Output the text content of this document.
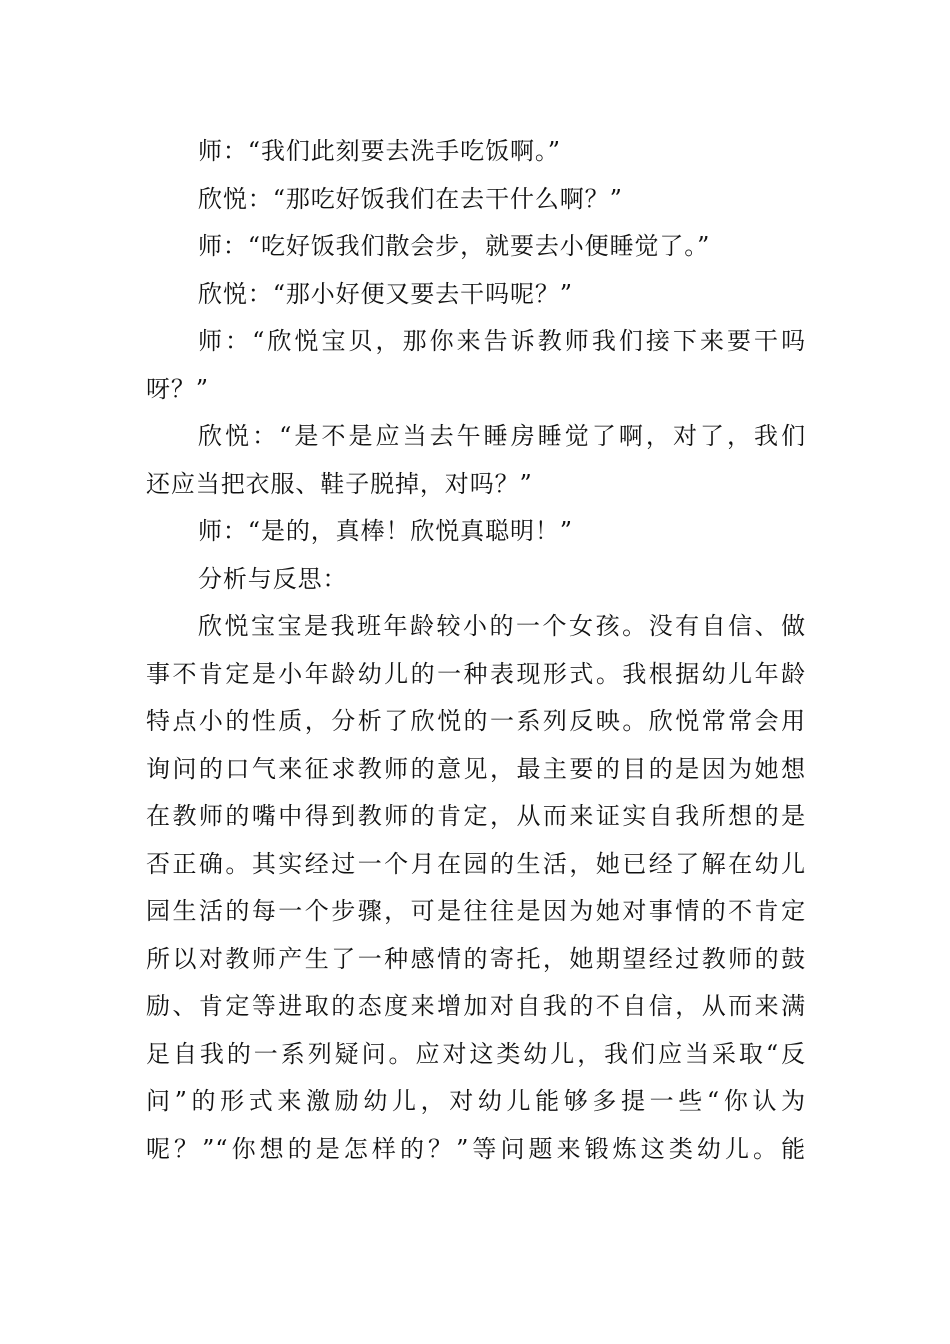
师：“我们此刻要去洗手吃饭啊。”
欣悦：“那吃好饭我们在去干什么啊？”
师：“吃好饭我们散会步，就要去小便睡觉了。”
欣悦：“那小好便又要去干吗呢？”
师：“欣悦宝贝，那你来告诉教师我们接下来要干吗
呀？”
欣悦：“是不是应当去午睡房睡觉了啊，对了，我们
还应当把衣服、鞋子脱掉，对吗？”
师：“是的，真棒！欣悦真聪明！”
分析与反思：
欣悦宝宝是我班年龄较小的一个女孩。没有自信、做
事不肯定是小年龄幼儿的一种表现形式。我根据幼儿年龄
特点小的性质，分析了欣悦的一系列反映。欣悦常常会用
询问的口气来征求教师的意见，最主要的目的是因为她想
在教师的嘴中得到教师的肯定，从而来证实自我所想的是
否正确。其实经过一个月在园的生活，她已经了解在幼儿
园生活的每一个步骤，可是往往是因为她对事情的不肯定
所以对教师产生了一种感情的寄托，她期望经过教师的鼓
励、肯定等进取的态度来增加对自我的不自信，从而来满
足自我的一系列疑问。应对这类幼儿，我们应当采取“反
问”的形式来激励幼儿，对幼儿能够多提一些“你认为
呢？”“你想的是怎样的？”等问题来锻炼这类幼儿。能
